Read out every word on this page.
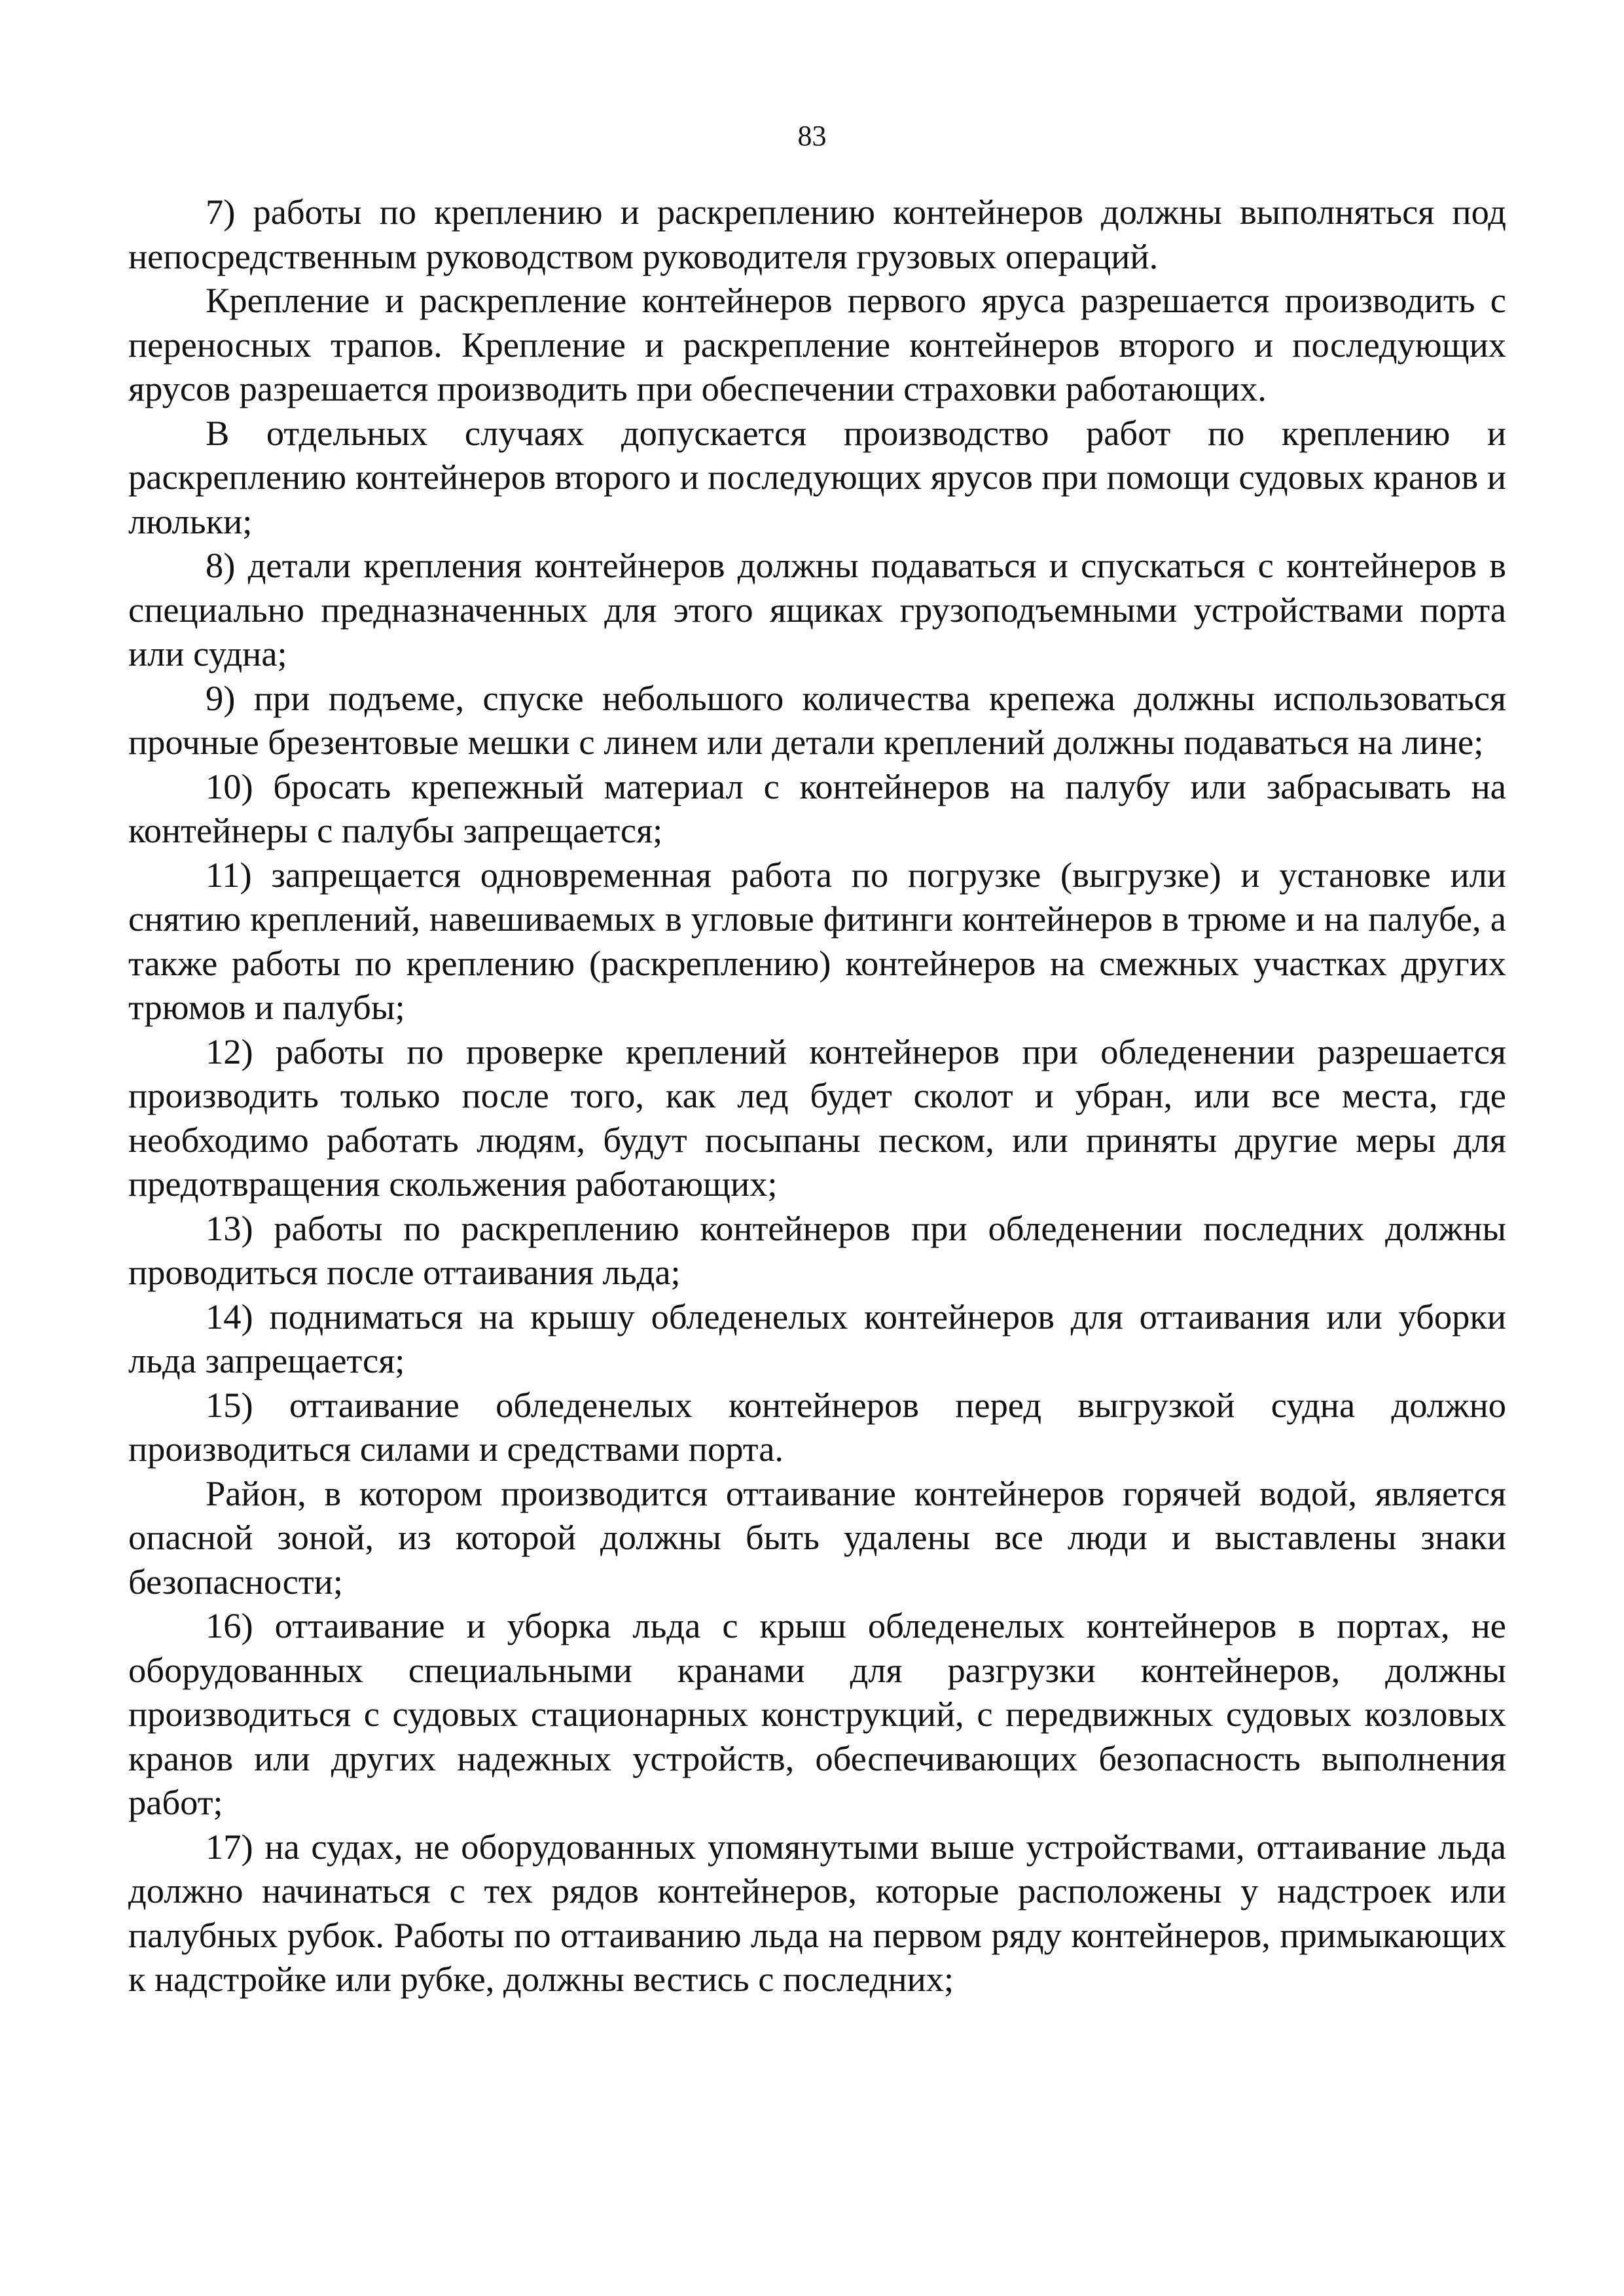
83

7) работы по креплению и раскреплению контейнеров должны выполняться под непосредственным руководством руководителя грузовых операций.

Крепление и раскрепление контейнеров первого яруса разрешается производить с переносных трапов. Крепление и раскрепление контейнеров второго и последующих ярусов разрешается производить при обеспечении страховки работающих.

В отдельных случаях допускается производство работ по креплению и раскреплению контейнеров второго и последующих ярусов при помощи судовых кранов и люльки;

8) детали крепления контейнеров должны подаваться и спускаться с контейнеров в специально предназначенных для этого ящиках грузоподъемными устройствами порта или судна;

9) при подъеме, спуске небольшого количества крепежа должны использоваться прочные брезентовые мешки с линем или детали креплений должны подаваться на лине;

10) бросать крепежный материал с контейнеров на палубу или забрасывать на контейнеры с палубы запрещается;

11) запрещается одновременная работа по погрузке (выгрузке) и установке или снятию креплений, навешиваемых в угловые фитинги контейнеров в трюме и на палубе, а также работы по креплению (раскреплению) контейнеров на смежных участках других трюмов и палубы;

12) работы по проверке креплений контейнеров при обледенении разрешается производить только после того, как лед будет сколот и убран, или все места, где необходимо работать людям, будут посыпаны песком, или приняты другие меры для предотвращения скольжения работающих;

13) работы по раскреплению контейнеров при обледенении последних должны проводиться после оттаивания льда;

14) подниматься на крышу обледенелых контейнеров для оттаивания или уборки льда запрещается;

15) оттаивание обледенелых контейнеров перед выгрузкой судна должно производиться силами и средствами порта.

Район, в котором производится оттаивание контейнеров горячей водой, является опасной зоной, из которой должны быть удалены все люди и выставлены знаки безопасности;

16) оттаивание и уборка льда с крыш обледенелых контейнеров в портах, не оборудованных специальными кранами для разгрузки контейнеров, должны производиться с судовых стационарных конструкций, с передвижных судовых козловых кранов или других надежных устройств, обеспечивающих безопасность выполнения работ;

17) на судах, не оборудованных упомянутыми выше устройствами, оттаивание льда должно начинаться с тех рядов контейнеров, которые расположены у надстроек или палубных рубок. Работы по оттаиванию льда на первом ряду контейнеров, примыкающих к надстройке или рубке, должны вестись с последних;
